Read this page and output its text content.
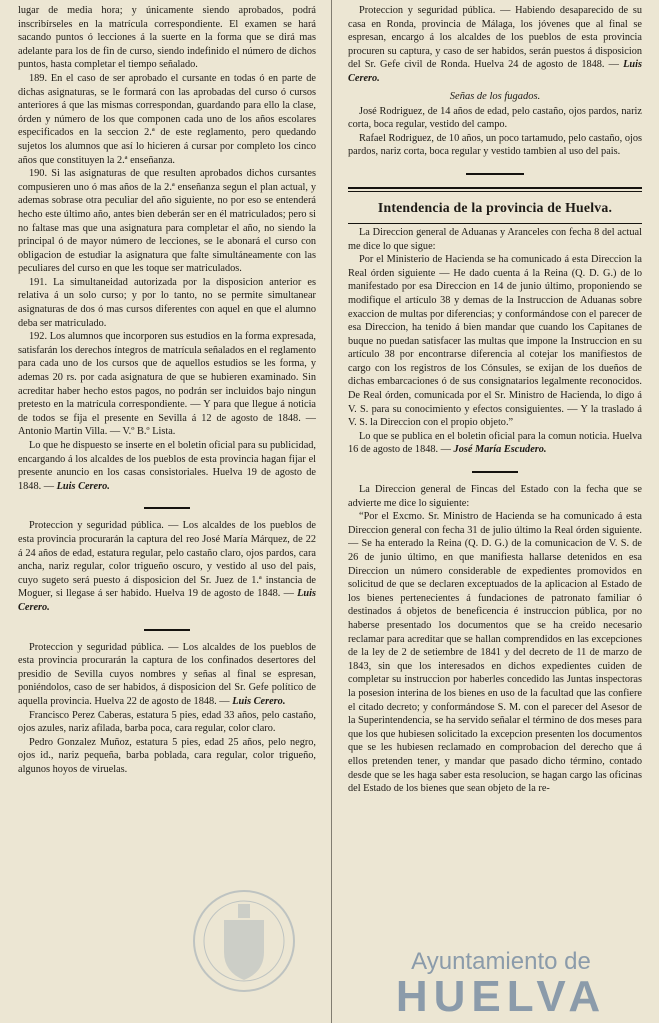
lugar de media hora; y únicamente siendo aprobados, podrá inscribírseles en la matrícula correspondiente. El examen se hará sacando puntos ó lecciones á la suerte en la forma que se dirá mas adelante para los de fin de curso, siendo indefinido el número de dichos puntos, hasta completar el tiempo señalado.

189. En el caso de ser aprobado el cursante en todas ó en parte de dichas asignaturas, se le formará con las aprobadas del curso ó cursos anteriores á que las mismas correspondan, guardando para ello la clase, órden y número de los que componen cada uno de los años escolares especificados en la seccion 2.ª de este reglamento, pero quedando sujetos los alumnos que así lo hicieren á cursar por completo los cinco años que constituyen la 2.ª enseñanza.

190. Si las asignaturas de que resulten aprobados dichos cursantes compusieren uno ó mas años de la 2.ª enseñanza segun el plan actual, y ademas sobrase otra peculiar del año siguiente, no por eso se entenderá hecho este último año, antes bien deberán ser en él matriculados; pero si no faltase mas que una asignatura para completar el año, no siendo la principal ó de mayor número de lecciones, se le abonará el curso con obligacion de estudiar la asignatura que falte simultáneamente con las peculiares del curso en que les toque ser matriculados.

191. La simultaneidad autorizada por la disposicion anterior es relativa á un solo curso; y por lo tanto, no se permite simultanear asignaturas de dos ó mas cursos diferentes con aquel en que el alumno deba ser matriculado.

192. Los alumnos que incorporen sus estudios en la forma expresada, satisfarán los derechos íntegros de matrícula señalados en el reglamento para cada uno de los cursos que de aquellos estudios se les forma, y ademas 20 rs. por cada asignatura de que se hubieren examinado. Sin acreditar haber hecho estos pagos, no podrán ser incluidos bajo ningun pretesto en la matrícula correspondiente. — Y para que llegue á noticia de todos se fija el presente en Sevilla á 12 de agosto de 1848. — Antonio Martin Villa. — V.º B.º Lista.

Lo que he dispuesto se inserte en el boletin oficial para su publicidad, encargando á los alcaldes de los pueblos de esta provincia hagan fijar el presente anuncio en los casas consistoriales. Huelva 19 de agosto de 1848. — Luis Cerero.

Proteccion y seguridad pública. — Los alcaldes de los pueblos de esta provincia procurarán la captura del reo José María Márquez, de 22 á 24 años de edad, estatura regular, pelo castaño claro, ojos pardos, cara ancha, nariz regular, color trigueño oscuro, y vestido al uso del pais, cuyo sugeto será puesto á disposicion del Sr. Juez de 1.ª instancia de Moguer, si llegase á ser habido. Huelva 19 de agosto de 1848. — Luis Cerero.

Proteccion y seguridad pública. — Los alcaldes de los pueblos de esta provincia procurarán la captura de los confinados desertores del presidio de Sevilla cuyos nombres y señas al final se espresan, poniéndolos, caso de ser habidos, á disposicion del Sr. Gefe político de aquella provincia. Huelva 22 de agosto de 1848. — Luis Cerero.

Francisco Perez Caberas, estatura 5 pies, edad 33 años, pelo castaño, ojos azules, nariz afilada, barba poca, cara regular, color claro.

Pedro Gonzalez Muñoz, estatura 5 pies, edad 25 años, pelo negro, ojos id., nariz pequeña, barba poblada, cara regular, color trigueño, algunos hoyos de viruelas.

Proteccion y seguridad pública. — Habiendo desaparecido de su casa en Ronda, provincia de Málaga, los jóvenes que al final se espresan, encargo á los alcaldes de los pueblos de esta provincia procuren su captura, y caso de ser habidos, serán puestos á disposicion del Sr. Gefe civil de Ronda. Huelva 24 de agosto de 1848. — Luis Cerero.

Señas de los fugados.

José Rodriguez, de 14 años de edad, pelo castaño, ojos pardos, nariz corta, boca regular, vestido del campo.

Rafael Rodriguez, de 10 años, un poco tartamudo, pelo castaño, ojos pardos, nariz corta, boca regular y vestido tambien al uso del pais.

Intendencia de la provincia de Huelva.

La Direccion general de Aduanas y Aranceles con fecha 8 del actual me dice lo que sigue:

Por el Ministerio de Hacienda se ha comunicado á esta Direccion la Real órden siguiente — He dado cuenta á la Reina (Q. D. G.) de lo manifestado por esa Direccion en 14 de junio último, proponiendo se modifique el artículo 38 y demas de la Instruccion de Aduanas sobre exaccion de multas por diferencias; y conformándose con el parecer de esa Direccion, ha tenido á bien mandar que cuando los Capitanes de buque no puedan satisfacer las multas que impone la Instruccion en su artículo 38 por encontrarse diferencia al cotejar los manifiestos de cargo con los registros de los Cónsules, se exijan de los dueños de dichas embarcaciones ó de sus consignatarios legalmente reconocidos. De Real órden, comunicada por el Sr. Ministro de Hacienda, lo digo á V. S. para su conocimiento y efectos consiguientes. — Y la traslado á V. S. la Direccion con el propio objeto.”

Lo que se publica en el boletin oficial para la comun noticia. Huelva 16 de agosto de 1848. — José María Escudero.

La Direccion general de Fincas del Estado con la fecha que se advierte me dice lo siguiente:

“Por el Excmo. Sr. Ministro de Hacienda se ha comunicado á esta Direccion general con fecha 31 de julio último la Real órden siguiente. — Se ha enterado la Reina (Q. D. G.) de la comunicacion de V. S. de 26 de junio último, en que manifiesta hallarse detenidos en esa Direccion un número considerable de expedientes promovidos en solicitud de que se declaren exceptuados de la aplicacion al Estado de los bienes pertenecientes á fundaciones de patronato familiar ó destinados á objetos de beneficencia é instruccion pública, por no haberse presentado los documentos que se ha creido necesario reclamar para acreditar que se hallan comprendidos en las excepciones de la ley de 2 de setiembre de 1841 y del decreto de 11 de marzo de 1843, sin que los interesados en dichos expedientes cuiden de completar su instruccion por haberles concedido las Juntas inspectoras la posesion interina de los bienes en uso de la facultad que las confiere el citado decreto; y conformándose S. M. con el parecer del Asesor de la Superintendencia, se ha servido señalar el término de dos meses para que los que hubiesen solicitado la excepcion presenten los documentos que se les hubiesen reclamado en comprobacion del derecho que á ellos pretenden tener, y mandar que pasado dicho término, contado desde que se les haga saber esta resolucion, se hagan cargo las oficinas del Estado de los bienes que sean objeto de la re-

Ayuntamiento de
HUELVA
